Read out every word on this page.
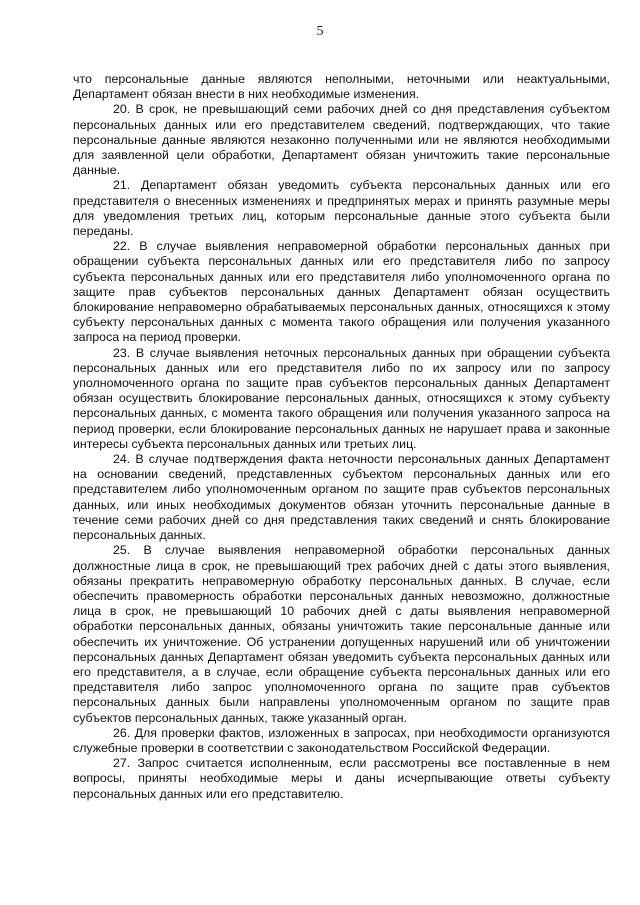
5

что персональные данные являются неполными, неточными или неактуальными, Департамент обязан внести в них необходимые изменения.

20. В срок, не превышающий семи рабочих дней со дня представления субъектом персональных данных или его представителем сведений, подтверждающих, что такие персональные данные являются незаконно полученными или не являются необходимыми для заявленной цели обработки, Департамент обязан уничтожить такие персональные данные.

21. Департамент обязан уведомить субъекта персональных данных или его представителя о внесенных изменениях и предпринятых мерах и принять разумные меры для уведомления третьих лиц, которым персональные данные этого субъекта были переданы.

22. В случае выявления неправомерной обработки персональных данных при обращении субъекта персональных данных или его представителя либо по запросу субъекта персональных данных или его представителя либо уполномоченного органа по защите прав субъектов персональных данных Департамент обязан осуществить блокирование неправомерно обрабатываемых персональных данных, относящихся к этому субъекту персональных данных с момента такого обращения или получения указанного запроса на период проверки.

23. В случае выявления неточных персональных данных при обращении субъекта персональных данных или его представителя либо по их запросу или по запросу уполномоченного органа по защите прав субъектов персональных данных Департамент обязан осуществить блокирование персональных данных, относящихся к этому субъекту персональных данных, с момента такого обращения или получения указанного запроса на период проверки, если блокирование персональных данных не нарушает права и законные интересы субъекта персональных данных или третьих лиц.

24. В случае подтверждения факта неточности персональных данных Департамент на основании сведений, представленных субъектом персональных данных или его представителем либо уполномоченным органом по защите прав субъектов персональных данных, или иных необходимых документов обязан уточнить персональные данные в течение семи рабочих дней со дня представления таких сведений и снять блокирование персональных данных.

25. В случае выявления неправомерной обработки персональных данных должностные лица в срок, не превышающий трех рабочих дней с даты этого выявления, обязаны прекратить неправомерную обработку персональных данных. В случае, если обеспечить правомерность обработки персональных данных невозможно, должностные лица в срок, не превышающий 10 рабочих дней с даты выявления неправомерной обработки персональных данных, обязаны уничтожить такие персональные данные или обеспечить их уничтожение. Об устранении допущенных нарушений или об уничтожении персональных данных Департамент обязан уведомить субъекта персональных данных или его представителя, а в случае, если обращение субъекта персональных данных или его представителя либо запрос уполномоченного органа по защите прав субъектов персональных данных были направлены уполномоченным органом по защите прав субъектов персональных данных, также указанный орган.

26. Для проверки фактов, изложенных в запросах, при необходимости организуются служебные проверки в соответствии с законодательством Российской Федерации.

27. Запрос считается исполненным, если рассмотрены все поставленные в нем вопросы, приняты необходимые меры и даны исчерпывающие ответы субъекту персональных данных или его представителю.
